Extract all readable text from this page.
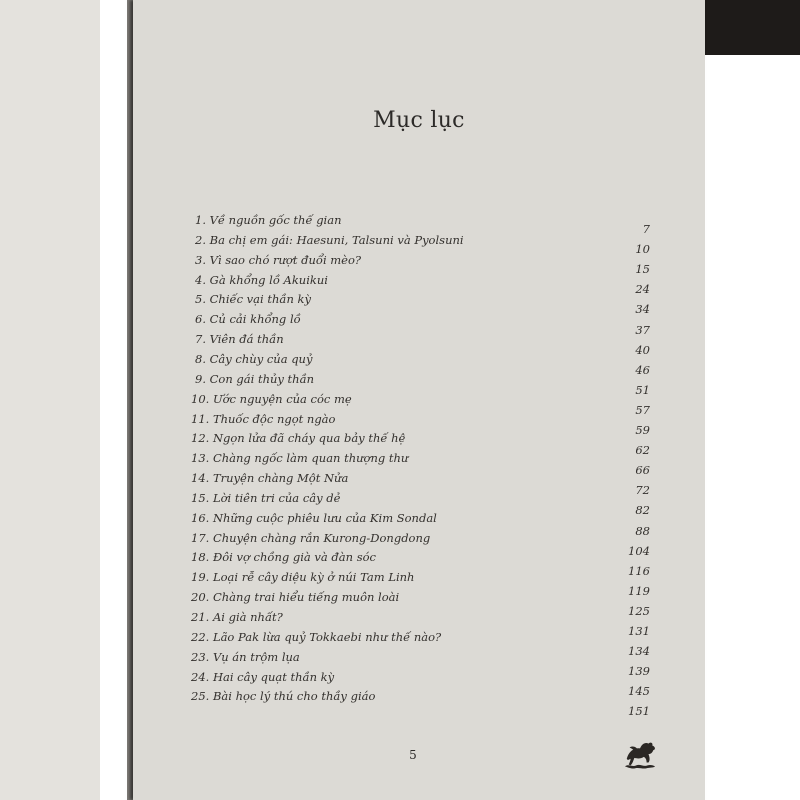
Mục lục
1. Về nguồn gốc thế gian
7
2. Ba chị em gái: Haesuni, Talsuni và Pyolsuni
10
3. Vì sao chó rượt đuổi mèo?
15
4. Gà khổng lồ Akuikui
24
5. Chiếc vại thần kỳ
34
6. Củ cải khổng lồ
37
7. Viên đá thần
40
8. Cây chùy của quỷ
46
9. Con gái thủy thần
51
10. Ước nguyện của cóc mẹ
57
11. Thuốc độc ngọt ngào
59
12. Ngọn lửa đã cháy qua bảy thế hệ
62
13. Chàng ngốc làm quan thượng thư
66
14. Truyện chàng Một Nửa
72
15. Lời tiên tri của cây dẻ
82
16. Những cuộc phiêu lưu của Kim Sondal
88
17. Chuyện chàng rắn Kurong-Dongdong
104
18. Đôi vợ chồng già và đàn sóc
116
19. Loại rễ cây diệu kỳ ở núi Tam Linh
119
20. Chàng trai hiểu tiếng muôn loài
125
21. Ai già nhất?
131
22. Lão Pak lừa quỷ Tokkaebi như thế nào?
134
23. Vụ án trộm lụa
139
24. Hai cây quạt thần kỳ
145
25. Bài học lý thú cho thầy giáo
151
5
